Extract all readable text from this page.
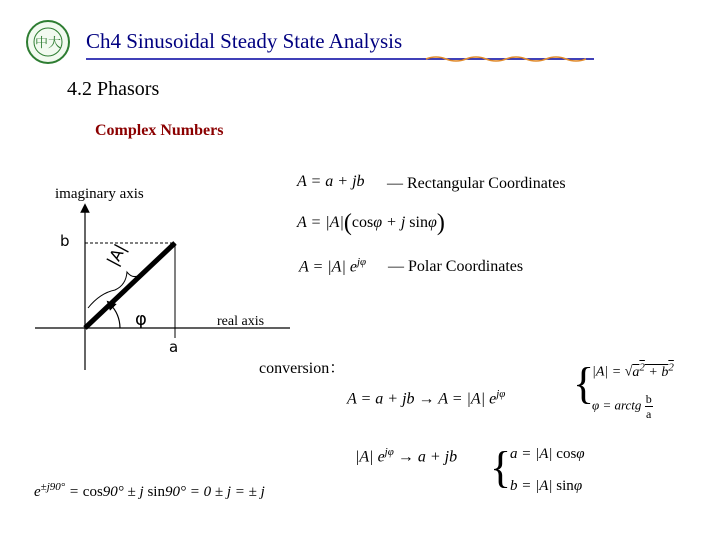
中大 Ch4 Sinusoidal Steady State Analysis
4.2 Phasors
Complex Numbers
imaginary axis
b |A|
φ
a
real axis
A = a + jb — Rectangular Coordinates
A = |A|(cosφ + j sinφ)
A = |A| $e^{j\varphi}$ — Polar Coordinates
conversion：
A = a + jb → A = |A| $e^{j\varphi}$ {
$|A| = √a^2 + b^2$
φ = arctg $\frac{b}{a}$
|A| $e^{j\varphi} \to a$ + jb {
a = |A| cosφ
b = |A| sinφ
$e^{\pm j90^\circ} = \cos 90^\circ \pm j$ sin90° = 0 ± j = ± j
